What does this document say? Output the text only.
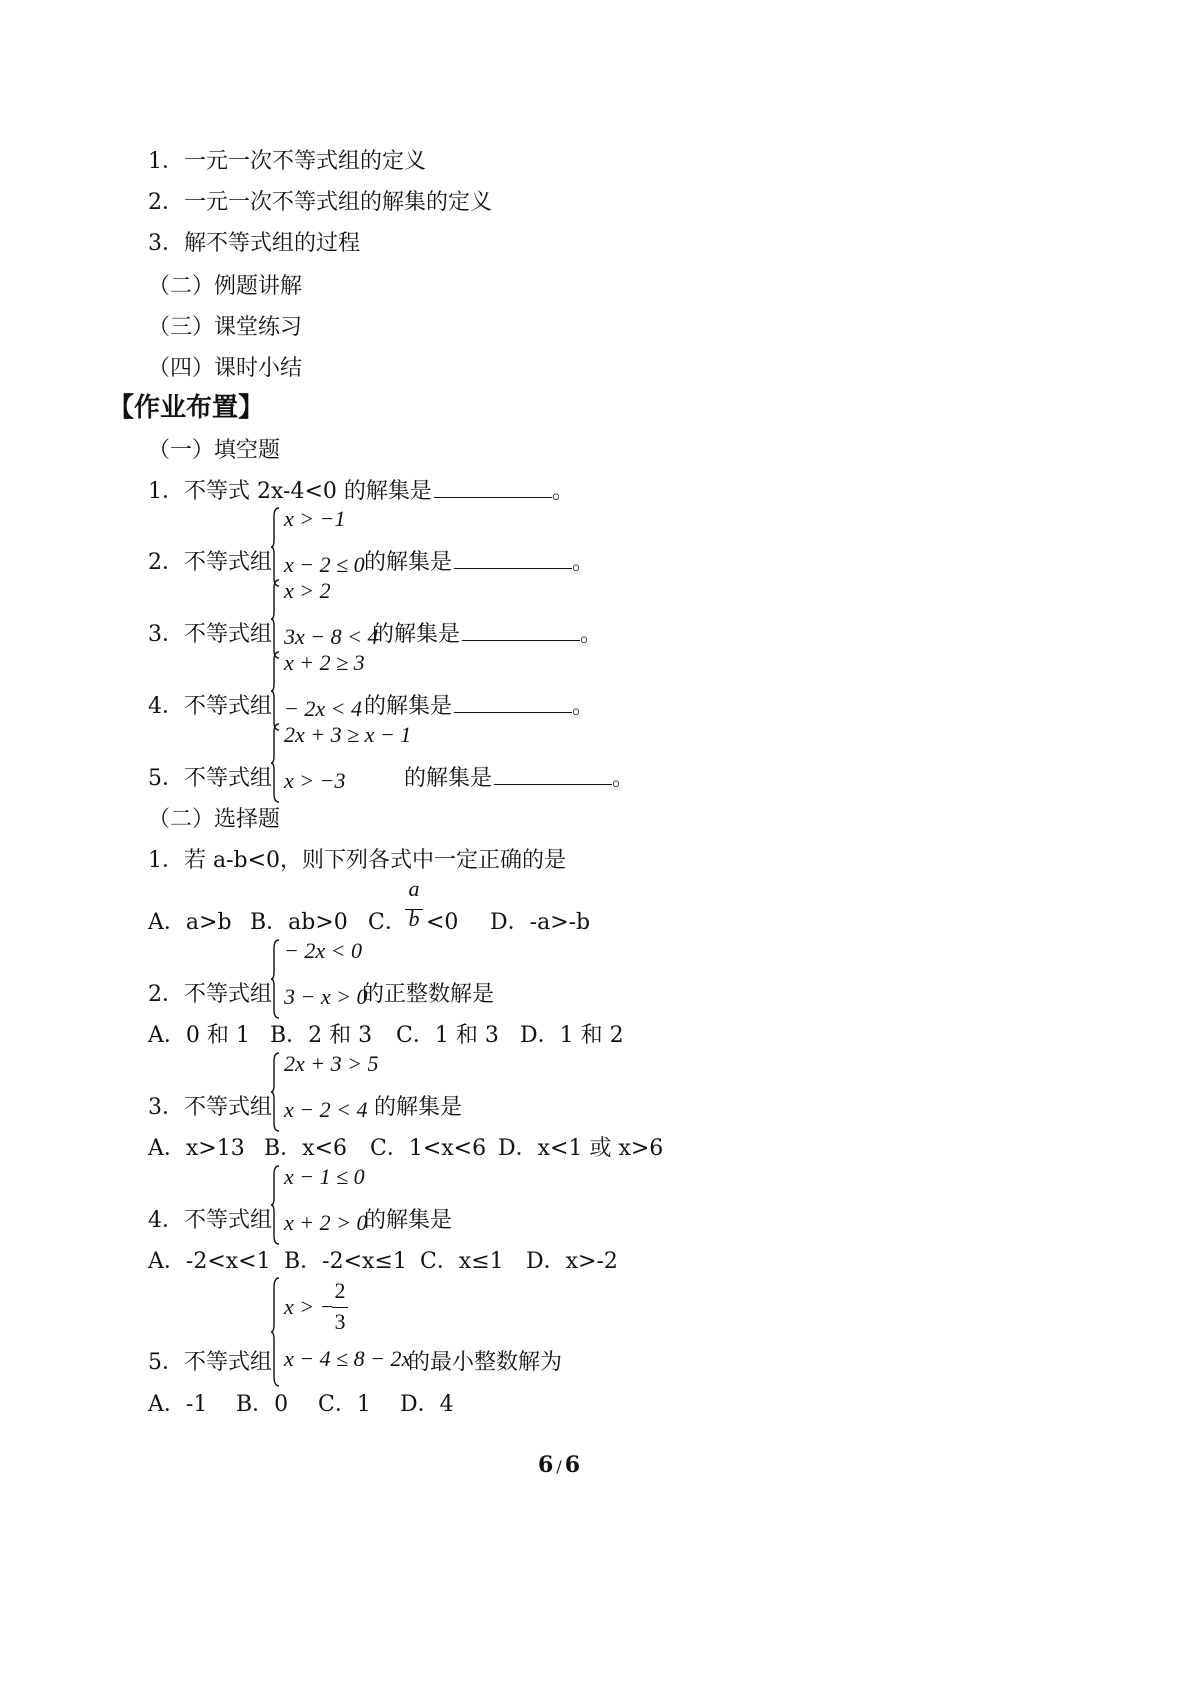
1．一元一次不等式组的定义
2．一元一次不等式组的解集的定义
3．解不等式组的过程
（二）例题讲解
（三）课堂练习
（四）课时小结
【作业布置】
（一）填空题
1．不等式 2x-4<0 的解集是	。
2．不等式组
x > −1
x − 2 ≤ 0 的解集是	。
3．不等式组
x > 2
3x − 8 < 4
的解集是	。
4．不等式组
x + 2 ≥ 3
− 2x < 4 的解集是	。
5．不等式组
2x + 3 ≥ x − 1
x > −3	的解集是	。
（二）选择题
1．若 a-b<0，则下列各式中一定正确的是
A．a>b B．ab>0 C．
a
b <0 D．-a>-b
2．不等式组
− 2x < 0
3 − x > 0
的正整数解是
A．0 和 1 B．2 和 3 C．1 和 3 D．1 和 2
3．不等式组
2x + 3 > 5
x − 2 < 4 的解集是
A．x>13 B．x<6 C．1<x<6 D．x<1 或 x>6
4．不等式组
x − 1 ≤ 0
x + 2 > 0
的解集是
A．-2<x<1 B．-2<x≤1 C．x≤1 D．x>-2
5．不等式组
x > −
2
3
x − 4 ≤ 8 − 2x
的最小整数解为
A．-1 B．0 C．1 D．4
6 / 6
